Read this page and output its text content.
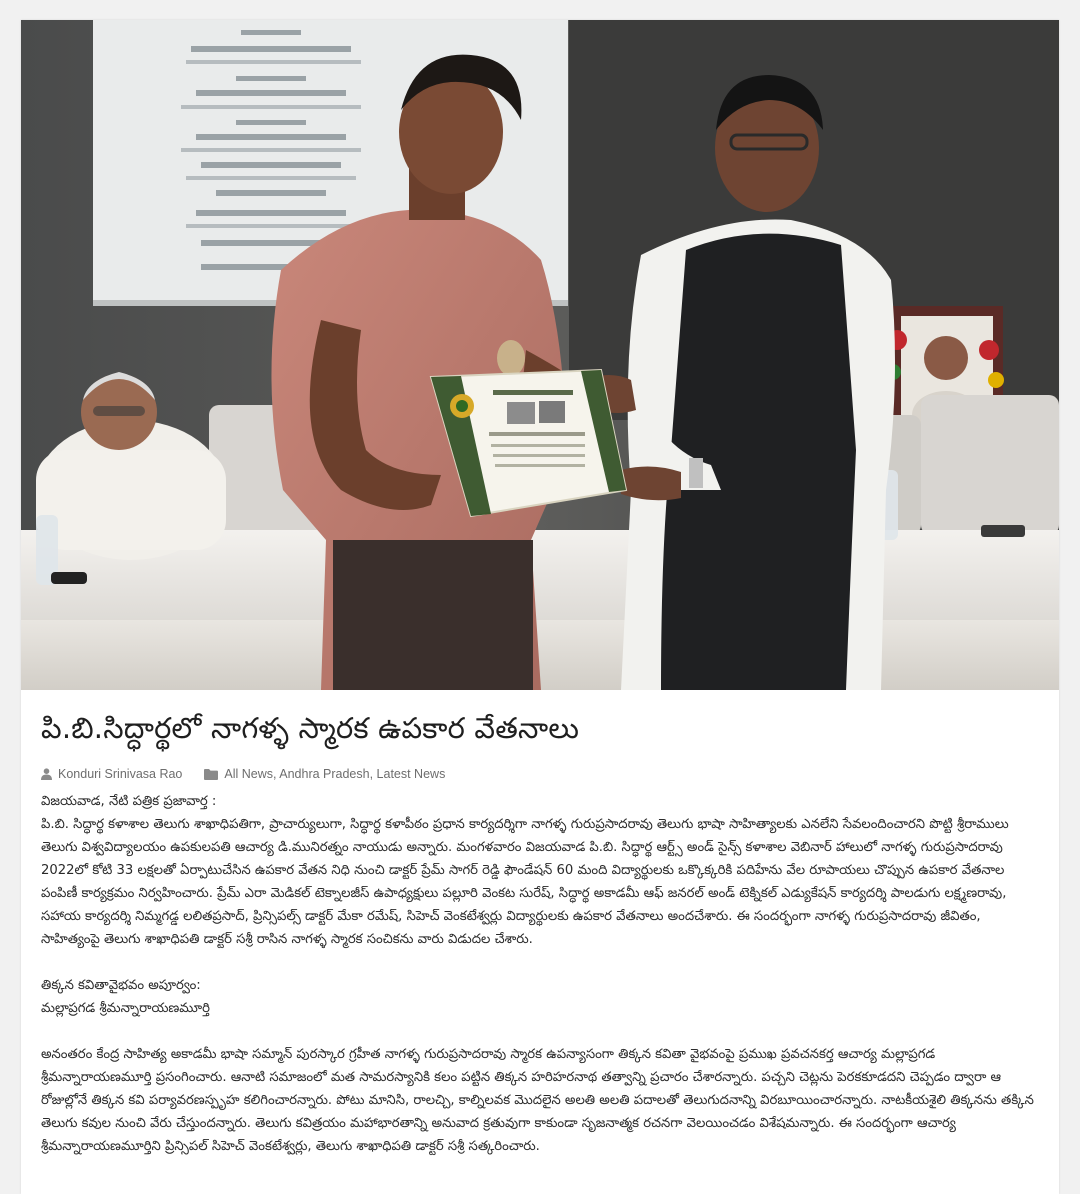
పి.బి.సిద్ధార్థలో నాగళ్ళ స్మారక ఉపకార వేతనాలు
Konduri Srinivasa Rao	All News, Andhra Pradesh, Latest News

విజయవాడ, నేటి పత్రిక ప్రజావార్త :

పి.బి. సిద్ధార్థ కళాశాల తెలుగు శాఖాధిపతిగా, ప్రాచార్యులుగా, సిద్ధార్థ కళాపీఠం ప్రధాన కార్యదర్శిగా నాగళ్ళ గురుప్రసాదరావు తెలుగు భాషా సాహిత్యాలకు ఎనలేని సేవలందించారని పొట్టి శ్రీరాములు తెలుగు విశ్వవిద్యాలయం ఉపకులపతి ఆచార్య డి.మునిరత్నం నాయుడు అన్నారు. మంగళవారం విజయవాడ పి.బి. సిద్ధార్థ ఆర్ట్స్ అండ్ సైన్స్ కళాశాల వెబినార్ హాలులో నాగళ్ళ గురుప్రసాదరావు 2022లో కోటి 33 లక్షలతో ఏర్పాటుచేసిన ఉపకార వేతన నిధి నుంచి డాక్టర్ ప్రేమ్ సాగర్ రెడ్డి ఫౌండేషన్ 60 మంది విద్యార్థులకు ఒక్కొక్కరికి పదిహేను వేల రూపాయలు చొప్పున ఉపకార వేతనాల పంపిణీ కార్యక్రమం నిర్వహించారు. ప్రేమ్ ఎరా మెడికల్ టెక్నాలజీస్ ఉపాధ్యక్షులు పల్లూరి వెంకట సురేష్, సిద్ధార్థ అకాడమీ ఆఫ్ జనరల్ అండ్ టెక్నికల్ ఎడ్యుకేషన్ కార్యదర్శి పాలడుగు లక్ష్మణరావు, సహాయ కార్యదర్శి నిమ్మగడ్డ లలితప్రసాద్, ప్రిన్సిపల్స్ డాక్టర్ మేకా రమేష్, సిహెచ్ వెంకటేశ్వర్లు విద్యార్థులకు ఉపకార వేతనాలు అందచేశారు. ఈ సందర్భంగా నాగళ్ళ గురుప్రసాదరావు జీవితం, సాహిత్యంపై తెలుగు శాఖాధిపతి డాక్టర్ సశ్రీ రాసిన నాగళ్ళ స్మారక సంచికను వారు విడుదల చేశారు.

తిక్కన కవితావైభవం అపూర్వం:

మల్లాప్రగడ శ్రీమన్నారాయణమూర్తి

అనంతరం కేంద్ర సాహిత్య అకాడమీ భాషా సమ్మాన్ పురస్కార గ్రహీత నాగళ్ళ గురుప్రసాదరావు స్మారక ఉపన్యాసంగా తిక్కన కవితా వైభవంపై ప్రముఖ ప్రవచనకర్త ఆచార్య మల్లాప్రగడ శ్రీమన్నారాయణమూర్తి ప్రసంగించారు. ఆనాటి సమాజంలో మత సామరస్యానికి కలం పట్టిన తిక్కన హరిహరనాథ తత్వాన్ని ప్రచారం చేశారన్నారు. పచ్చని చెట్లను పెరకకూడదని చెప్పడం ద్వారా ఆ రోజుల్లోనే తిక్కన కవి పర్యావరణస్పృహ కలిగించారన్నారు. పోటు మానిసి, రాలచ్చి, కాల్నిలవక మొదలైన అలతి అలతి పదాలతో తెలుగుదనాన్ని విరబూయించారన్నారు. నాటకీయశైలి తిక్కనను తక్కిన తెలుగు కవుల నుంచి వేరు చేస్తుందన్నారు. తెలుగు కవిత్రయం మహాభారతాన్ని అనువాద క్రతువుగా కాకుండా సృజనాత్మక రచనగా వెలయించడం విశేషమన్నారు. ఈ సందర్భంగా ఆచార్య శ్రీమన్నారాయణమూర్తిని ప్రిన్సిపల్ సిహెచ్ వెంకటేశ్వర్లు, తెలుగు శాఖాధిపతి డాక్టర్ సశ్రీ సత్కరించారు.
